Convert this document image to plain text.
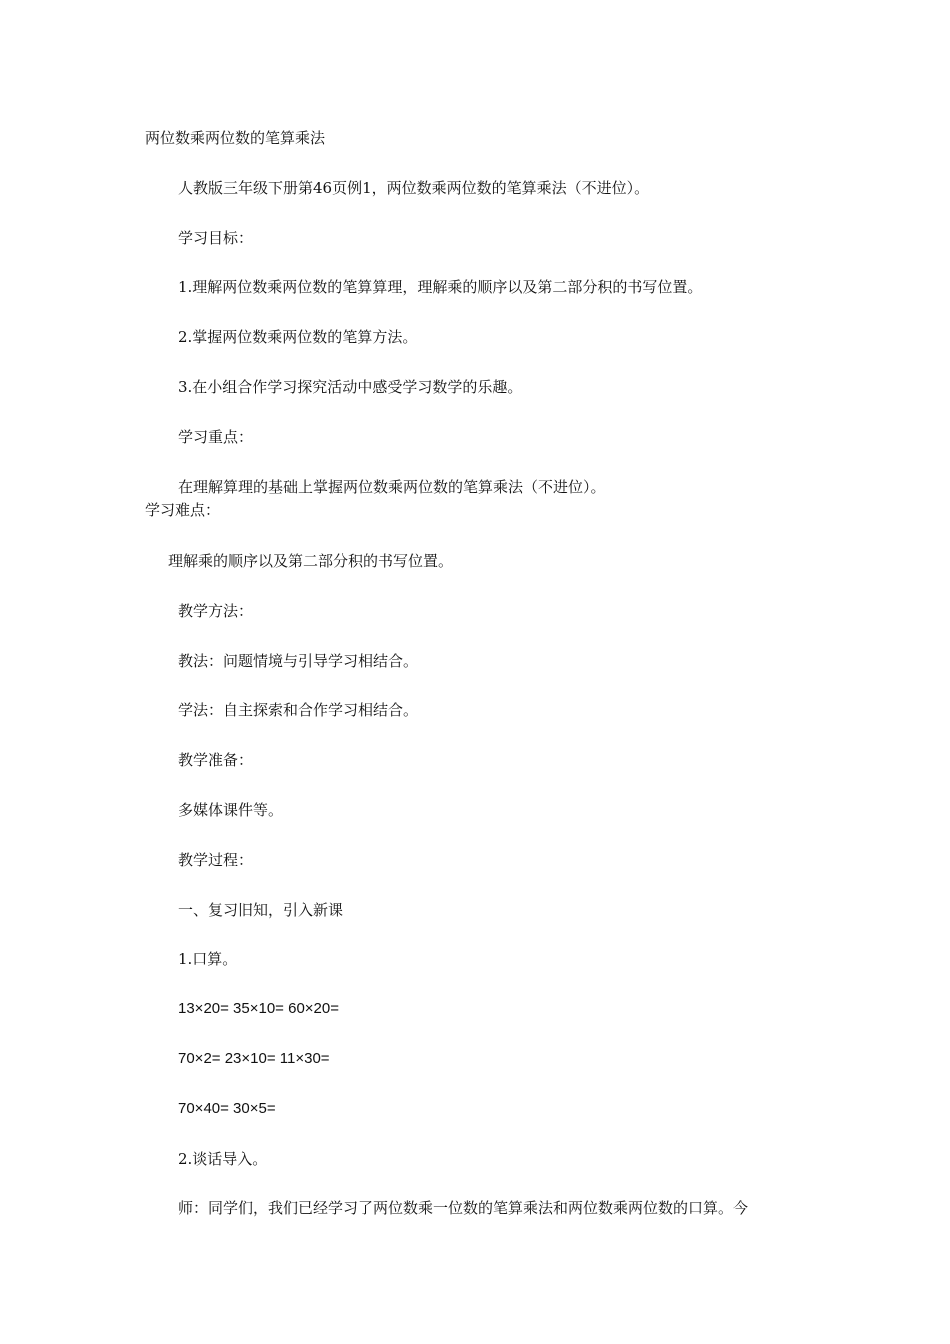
两位数乘两位数的笔算乘法
人教版三年级下册第46页例1，两位数乘两位数的笔算乘法（不进位）。
学习目标：
1.理解两位数乘两位数的笔算算理，理解乘的顺序以及第二部分积的书写位置。
2.掌握两位数乘两位数的笔算方法。
3.在小组合作学习探究活动中感受学习数学的乐趣。
学习重点：
在理解算理的基础上掌握两位数乘两位数的笔算乘法（不进位）。
学习难点：
理解乘的顺序以及第二部分积的书写位置。
教学方法：
教法：问题情境与引导学习相结合。
学法：自主探索和合作学习相结合。
教学准备：
多媒体课件等。
教学过程：
一、复习旧知，引入新课
1.口算。
13×20= 35×10= 60×20=
70×2= 23×10= 11×30=
70×40= 30×5=
2.谈话导入。
师：同学们，我们已经学习了两位数乘一位数的笔算乘法和两位数乘两位数的口算。今
